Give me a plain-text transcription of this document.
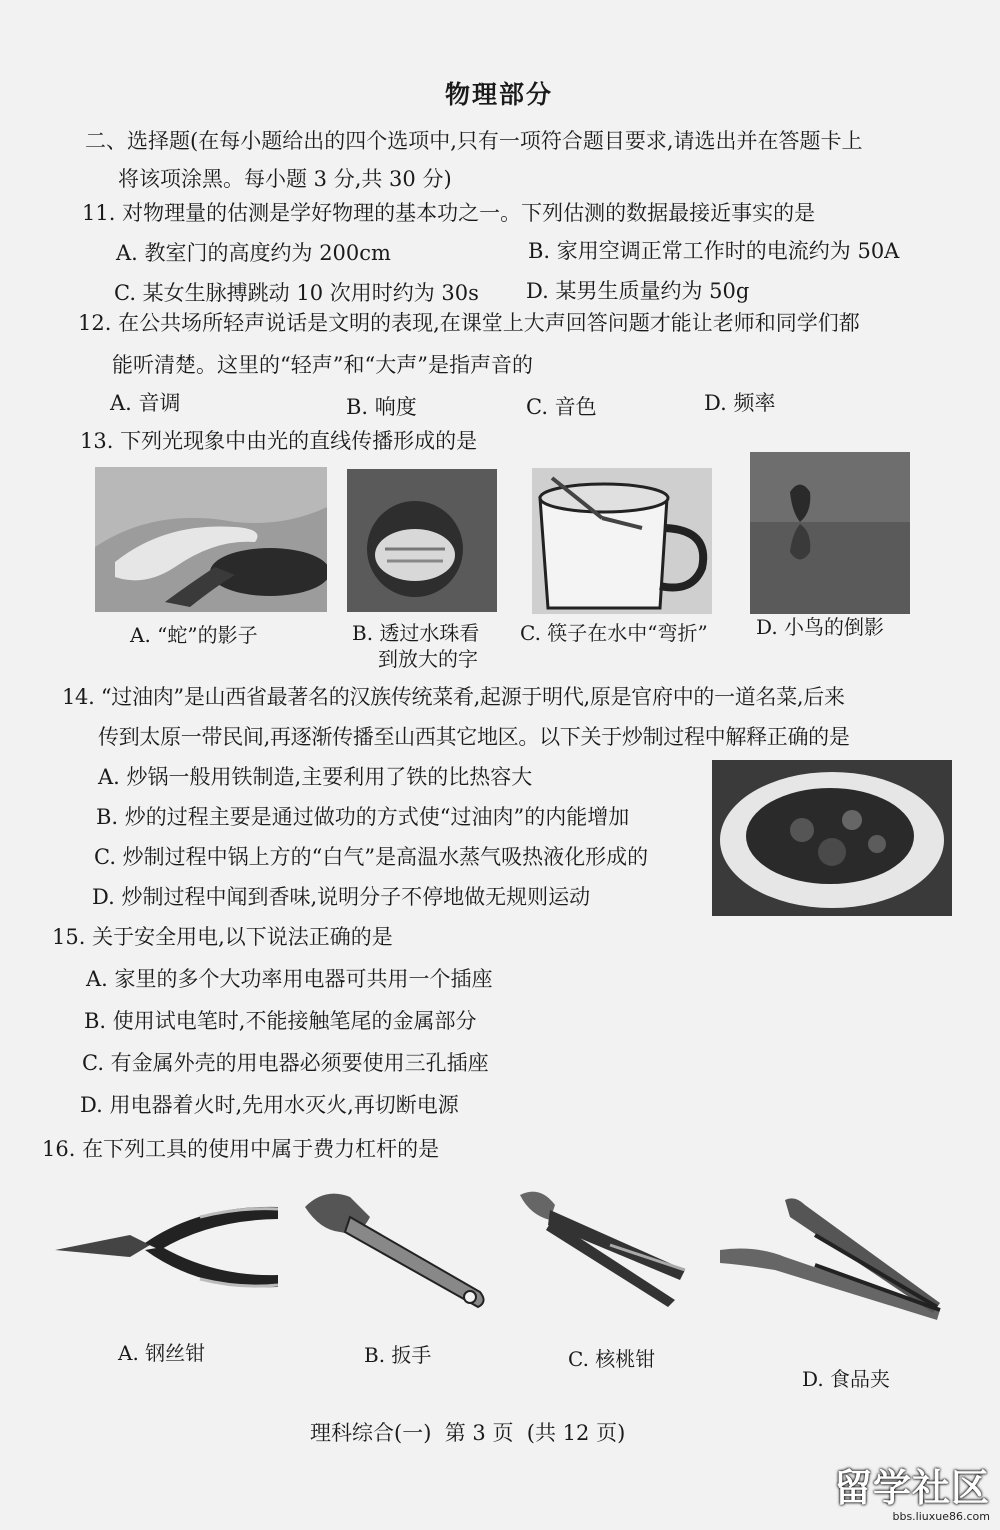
物理部分
二、选择题(在每小题给出的四个选项中,只有一项符合题目要求,请选出并在答题卡上
将该项涂黑。每小题 3 分,共 30 分)
11. 对物理量的估测是学好物理的基本功之一。下列估测的数据最接近事实的是
A. 教室门的高度约为 200cm	B. 家用空调正常工作时的电流约为 50A
C. 某女生脉搏跳动 10 次用时约为 30s D. 某男生质量约为 50g
12. 在公共场所轻声说话是文明的表现,在课堂上大声回答问题才能让老师和同学们都
能听清楚。这里的“轻声”和“大声”是指声音的
A. 音调	B. 响度	C. 音色	D. 频率
13. 下列光现象中由光的直线传播形成的是
A. “蛇”的影子	B. 透过水珠看
到放大的字
C. 筷子在水中“弯折” D. 小鸟的倒影
14. “过油肉”是山西省最著名的汉族传统菜肴,起源于明代,原是官府中的一道名菜,后来
传到太原一带民间,再逐渐传播至山西其它地区。以下关于炒制过程中解释正确的是
A. 炒锅一般用铁制造,主要利用了铁的比热容大
B. 炒的过程主要是通过做功的方式使“过油肉”的内能增加
C. 炒制过程中锅上方的“白气”是高温水蒸气吸热液化形成的
D. 炒制过程中闻到香味,说明分子不停地做无规则运动
15. 关于安全用电,以下说法正确的是
A. 家里的多个大功率用电器可共用一个插座
B. 使用试电笔时,不能接触笔尾的金属部分
C. 有金属外壳的用电器必须要使用三孔插座
D. 用电器着火时,先用水灭火,再切断电源
16. 在下列工具的使用中属于费力杠杆的是
A. 钢丝钳	B. 扳手	C. 核桃钳
D. 食品夹
理科综合(一)  第 3 页  (共 12 页)
留学社区
bbs.liuxue86.com
